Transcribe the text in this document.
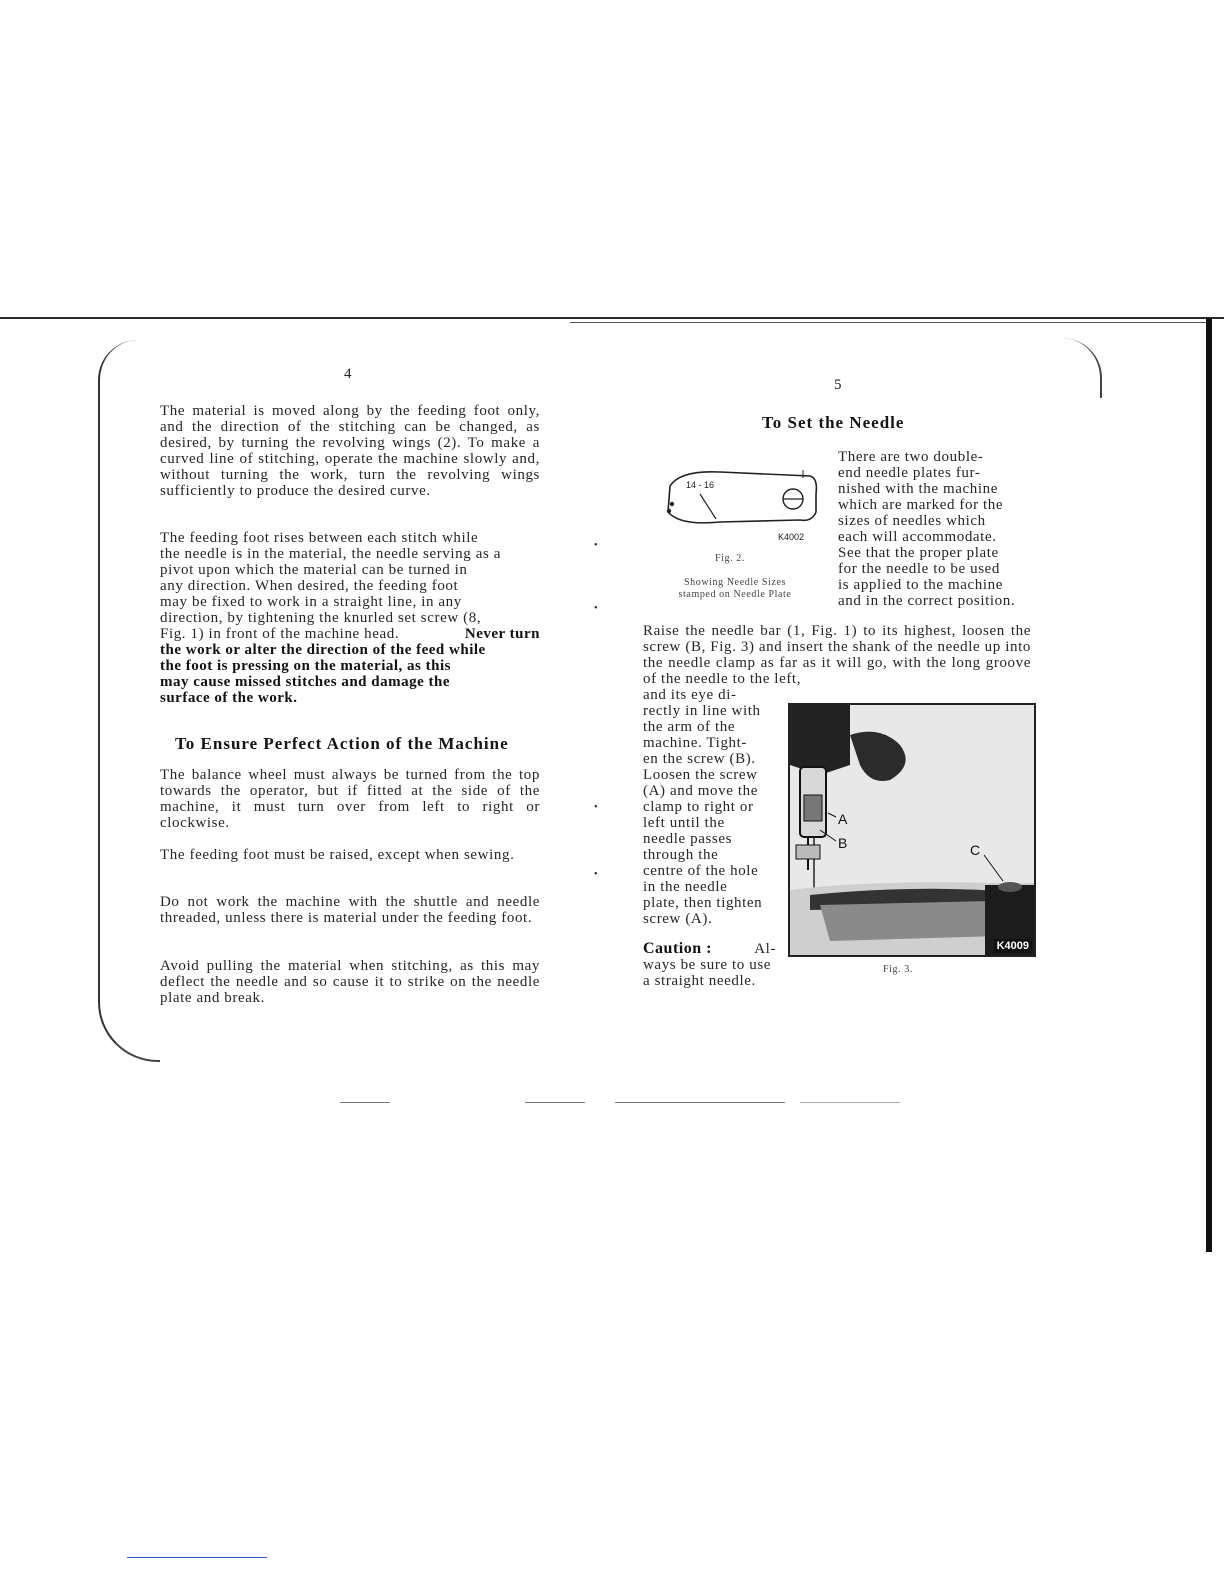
4
The material is moved along by the feeding foot only, and the direction of the stitching can be changed, as desired, by turning the revolving wings (2). To make a curved line of stitching, operate the machine slowly and, without turning the work, turn the revolving wings sufficiently to produce the desired curve.
The feeding foot rises between each stitch while
the needle is in the material, the needle serving as a
pivot upon which the material can be turned in
any direction. When desired, the feeding foot
may be fixed to work in a straight line, in any
direction, by tightening the knurled set screw (8,
Fig. 1) in front of the machine head.	Never turn
the work or alter the direction of the feed while
the foot is pressing on the material, as this
may cause missed stitches and damage the
surface of the work.
To Ensure Perfect Action of the Machine
The balance wheel must always be turned from the top towards the operator, but if fitted at the side of the machine, it must turn over from left to right or clockwise.
The feeding foot must be raised, except when sewing.
Do not work the machine with the shuttle and needle threaded, unless there is material under the feeding foot.
Avoid pulling the material when stitching, as this may deflect the needle and so cause it to strike on the needle plate and break.
•
•
•
•
5
To Set the Needle
There are two double-
end needle plates fur-
nished with the machine
which are marked for the
sizes of needles which
each will accommodate.
See that the proper plate
for the needle to be used
is applied to the machine
and in the correct position.
14 - 16
K4002
Fig. 2.
Showing Needle Sizes
stamped on Needle Plate
Raise the needle bar (1, Fig. 1) to its highest, loosen the screw (B, Fig. 3) and insert the shank of the needle up into the needle clamp as far as it will go, with the long groove of the needle to the left,
and its eye di-
rectly in line with
the arm of the
machine. Tight-
en the screw (B).
Loosen the screw
(A) and move the
clamp to right or
left until the
needle passes
through the
centre of the hole
in the needle
plate, then tighten
screw (A).
Caution :	Al-
ways be sure to use
a straight needle.
A
B	C
K4009
Fig. 3.
